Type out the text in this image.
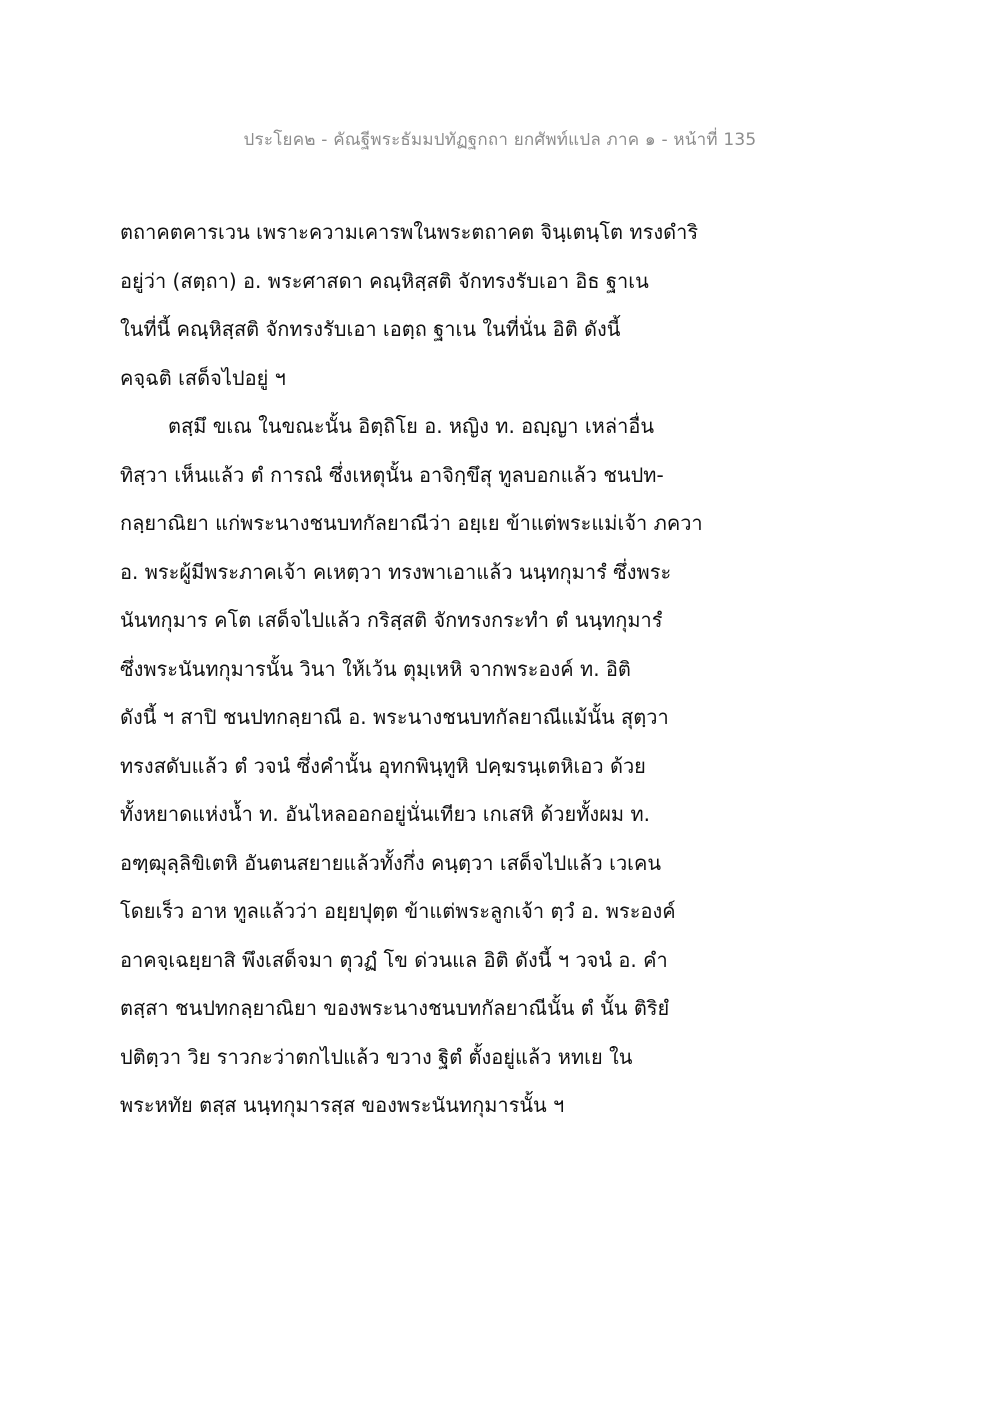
ประโยค๒ - คัณฐีพระธัมมปทัฏฐกถา ยกศัพท์แปล ภาค ๑ - หน้าที่ 135
ตถาคตคารเวน เพราะความเคารพในพระตถาคต จินฺเตนฺโต ทรงดำริ
อยู่ว่า (สตฺถา) อ. พระศาสดา คณฺหิสฺสติ จักทรงรับเอา อิธ ฐาเน
ในที่นี้ คณฺหิสฺสติ จักทรงรับเอา เอตฺถ ฐาเน ในที่นั่น อิติ ดังนี้
คจฺฉติ เสด็จไปอยู่ ฯ
ตสฺมึ ขเณ ในขณะนั้น อิตฺถิโย อ. หญิง ท. อญฺญา เหล่าอื่น
ทิสฺวา เห็นแล้ว ตํ การณํ ซึ่งเหตุนั้น อาจิกฺขึสุ ทูลบอกแล้ว ชนปท-
กลฺยาณิยา แก่พระนางชนบทกัลยาณีว่า อยฺเย ข้าแต่พระแม่เจ้า ภควา
อ. พระผู้มีพระภาคเจ้า คเหตฺวา ทรงพาเอาแล้ว นนฺทกุมารํ ซึ่งพระ
นันทกุมาร คโต เสด็จไปแล้ว กริสฺสติ จักทรงกระทำ ตํ นนฺทกุมารํ
ซึ่งพระนันทกุมารนั้น วินา ให้เว้น ตุมฺเหหิ จากพระองค์ ท. อิติ
ดังนี้ ฯ สาปิ ชนปทกลฺยาณี อ. พระนางชนบทกัลยาณีแม้นั้น สุตฺวา
ทรงสดับแล้ว ตํ วจนํ ซึ่งคำนั้น อุทกพินฺทูหิ ปคฺฆรนฺเตหิเอว ด้วย
ทั้งหยาดแห่งน้ำ ท. อันไหลออกอยู่นั่นเทียว เกเสหิ ด้วยทั้งผม ท.
อฑฺฒุลฺลิขิเตหิ อันตนสยายแล้วทั้งกึ่ง คนฺตฺวา เสด็จไปแล้ว เวเคน
โดยเร็ว อาห ทูลแล้วว่า อยฺยปุตฺต ข้าแต่พระลูกเจ้า ตฺวํ อ. พระองค์
อาคจฺเฉยฺยาสิ พึงเสด็จมา ตุวฏํ โข ด่วนแล อิติ ดังนี้ ฯ วจนํ อ. คำ
ตสฺสา ชนปทกลฺยาณิยา ของพระนางชนบทกัลยาณีนั้น ตํ นั้น ติริยํ
ปติตฺวา วิย ราวกะว่าตกไปแล้ว ขวาง ฐิตํ ตั้งอยู่แล้ว หทเย ใน
พระหทัย ตสฺส นนฺทกุมารสฺส ของพระนันทกุมารนั้น ฯ
